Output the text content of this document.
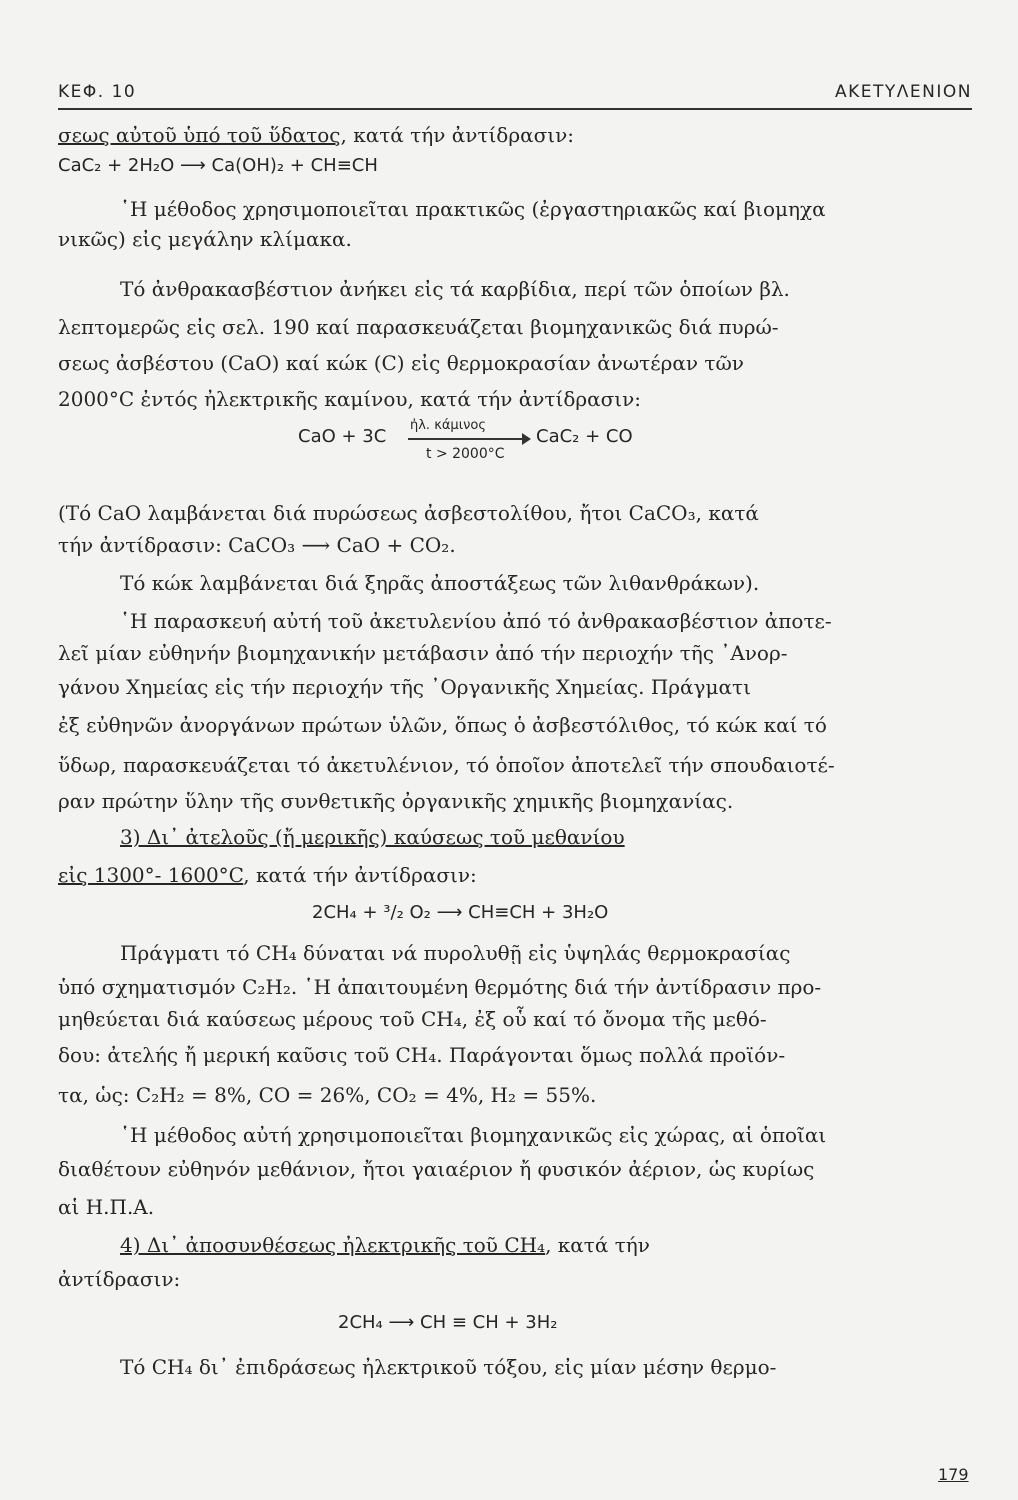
ΚΕΦ. 10	ΑΚΕΤΥΛΕΝΙΟΝ
σεως αὐτοῦ ὑπό τοῦ ὕδατος, κατά τήν ἀντίδρασιν:
CaC₂ + 2H₂O ⟶ Ca(OH)₂ + CH≡CH
῾Η μέθοδος χρησιμοποιεῖται πρακτικῶς (ἐργαστηριακῶς καί βιομηχα
νικῶς) εἰς μεγάλην κλίμακα.
Τό ἀνθρακασβέστιον ἀνήκει εἰς τά καρβίδια, περί τῶν ὁποίων βλ.
λεπτομερῶς εἰς σελ. 190 καί παρασκευάζεται βιομηχανικῶς διά πυρώ-
σεως ἀσβέστου (CaO) καί κώκ (C) εἰς θερμοκρασίαν ἀνωτέραν τῶν
2000°C ἐντός ἠλεκτρικῆς καμίνου, κατά τήν ἀντίδρασιν:
CaO + 3C
ἠλ. κάμινος
t > 2000°C
CaC₂ + CO
(Τό CaO λαμβάνεται διά πυρώσεως ἀσβεστολίθου, ἤτοι CaCO₃, κατά
τήν ἀντίδρασιν: CaCO₃ ⟶ CaO + CO₂.
Τό κώκ λαμβάνεται διά ξηρᾶς ἀποστάξεως τῶν λιθανθράκων).
῾Η παρασκευή αὐτή τοῦ ἀκετυλενίου ἀπό τό ἀνθρακασβέστιον ἀποτε-
λεῖ μίαν εὐθηνήν βιομηχανικήν μετάβασιν ἀπό τήν περιοχήν τῆς ᾿Ανορ-
γάνου Χημείας εἰς τήν περιοχήν τῆς ᾿Οργανικῆς Χημείας. Πράγματι
ἐξ εὐθηνῶν ἀνοργάνων πρώτων ὑλῶν, ὅπως ὁ ἀσβεστόλιθος, τό κώκ καί τό
ὕδωρ, παρασκευάζεται τό ἀκετυλένιον, τό ὁποῖον ἀποτελεῖ τήν σπουδαιοτέ-
ραν πρώτην ὕλην τῆς συνθετικῆς ὀργανικῆς χημικῆς βιομηχανίας.
3) Δι᾿ ἀτελοῦς (ἤ μερικῆς) καύσεως τοῦ μεθανίου
εἰς 1300°- 1600°C, κατά τήν ἀντίδρασιν:
2CH₄ + ³/₂ O₂ ⟶ CH≡CH + 3H₂O
Πράγματι τό CH₄ δύναται νά πυρολυθῇ εἰς ὑψηλάς θερμοκρασίας
ὑπό σχηματισμόν C₂H₂. ῾Η ἀπαιτουμένη θερμότης διά τήν ἀντίδρασιν προ-
μηθεύεται διά καύσεως μέρους τοῦ CH₄, ἐξ οὗ καί τό ὄνομα τῆς μεθό-
δου: ἀτελής ἤ μερική καῦσις τοῦ CH₄. Παράγονται ὅμως πολλά προϊόν-
τα, ὡς: C₂H₂ = 8%, CO = 26%, CO₂ = 4%, H₂ = 55%.
῾Η μέθοδος αὐτή χρησιμοποιεῖται βιομηχανικῶς εἰς χώρας, αἱ ὁποῖαι
διαθέτουν εὐθηνόν μεθάνιον, ἤτοι γαιαέριον ἤ φυσικόν ἀέριον, ὡς κυρίως
αἱ Η.Π.Α.
4) Δι᾿ ἀποσυνθέσεως ἠλεκτρικῆς τοῦ CH₄, κατά τήν
ἀντίδρασιν:
2CH₄ ⟶ CH ≡ CH + 3H₂
Τό CH₄ δι᾿ ἐπιδράσεως ἠλεκτρικοῦ τόξου, εἰς μίαν μέσην θερμο-
179
